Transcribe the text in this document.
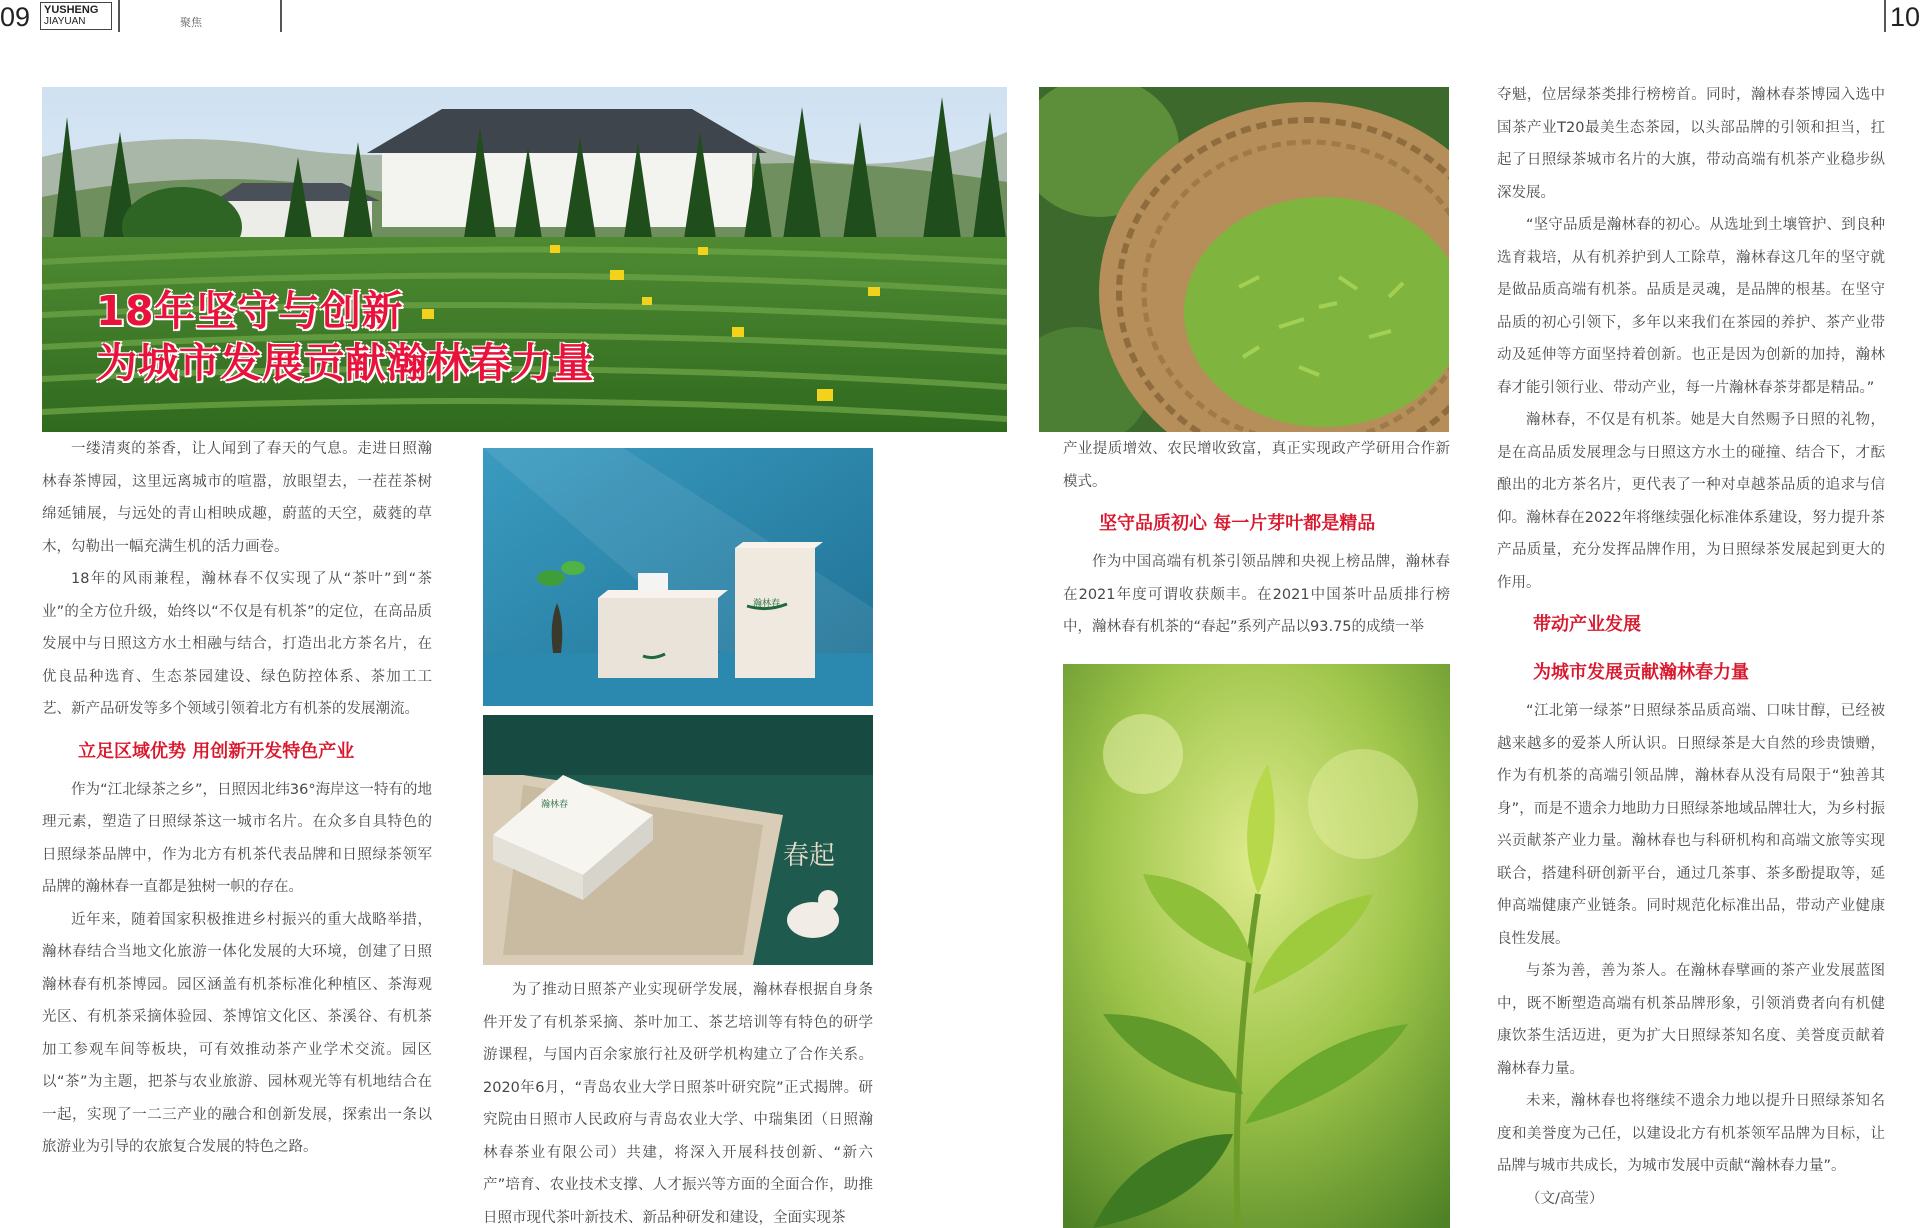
09 YUSHENG
JIAYUAN	聚焦	10
18年坚守与创新
为城市发展贡献瀚林春力量
瀚林春
瀚林春
春起

一缕清爽的茶香，让人闻到了春天的气息。走进日照瀚林春茶博园，这里远离城市的喧嚣，放眼望去，一茬茬茶树绵延铺展，与远处的青山相映成趣，蔚蓝的天空，葳蕤的草木，勾勒出一幅充满生机的活力画卷。

18年的风雨兼程，瀚林春不仅实现了从“茶叶”到“茶业”的全方位升级，始终以“不仅是有机茶”的定位，在高品质发展中与日照这方水土相融与结合，打造出北方茶名片，在优良品种选育、生态茶园建设、绿色防控体系、茶加工工艺、新产品研发等多个领域引领着北方有机茶的发展潮流。

立足区域优势 用创新开发特色产业

作为“江北绿茶之乡”，日照因北纬36°海岸这一特有的地理元素，塑造了日照绿茶这一城市名片。在众多自具特色的日照绿茶品牌中，作为北方有机茶代表品牌和日照绿茶领军品牌的瀚林春一直都是独树一帜的存在。

近年来，随着国家积极推进乡村振兴的重大战略举措，瀚林春结合当地文化旅游一体化发展的大环境，创建了日照瀚林春有机茶博园。园区涵盖有机茶标准化种植区、茶海观光区、有机茶采摘体验园、茶博馆文化区、茶溪谷、有机茶加工参观车间等板块，可有效推动茶产业学术交流。园区以“茶”为主题，把茶与农业旅游、园林观光等有机地结合在一起，实现了一二三产业的融合和创新发展，探索出一条以旅游业为引导的农旅复合发展的特色之路。

为了推动日照茶产业实现研学发展，瀚林春根据自身条件开发了有机茶采摘、茶叶加工、茶艺培训等有特色的研学游课程，与国内百余家旅行社及研学机构建立了合作关系。2020年6月，“青岛农业大学日照茶叶研究院”正式揭牌。研究院由日照市人民政府与青岛农业大学、中瑞集团（日照瀚林春茶业有限公司）共建，将深入开展科技创新、“新六产”培育、农业技术支撑、人才振兴等方面的全面合作，助推日照市现代茶叶新技术、新品种研发和建设，全面实现茶

产业提质增效、农民增收致富，真正实现政产学研用合作新模式。

坚守品质初心 每一片芽叶都是精品

作为中国高端有机茶引领品牌和央视上榜品牌，瀚林春在2021年度可谓收获颇丰。在2021中国茶叶品质排行榜中，瀚林春有机茶的“春起”系列产品以93.75的成绩一举

夺魁，位居绿茶类排行榜榜首。同时，瀚林春茶博园入选中国茶产业T20最美生态茶园，以头部品牌的引领和担当，扛起了日照绿茶城市名片的大旗，带动高端有机茶产业稳步纵深发展。

“坚守品质是瀚林春的初心。从选址到土壤管护、到良种选育栽培，从有机养护到人工除草，瀚林春这几年的坚守就是做品质高端有机茶。品质是灵魂，是品牌的根基。在坚守品质的初心引领下，多年以来我们在茶园的养护、茶产业带动及延伸等方面坚持着创新。也正是因为创新的加持，瀚林春才能引领行业、带动产业，每一片瀚林春茶芽都是精品。”

瀚林春，不仅是有机茶。她是大自然赐予日照的礼物，是在高品质发展理念与日照这方水土的碰撞、结合下，才酝酿出的北方茶名片，更代表了一种对卓越茶品质的追求与信仰。瀚林春在2022年将继续强化标准体系建设，努力提升茶产品质量，充分发挥品牌作用，为日照绿茶发展起到更大的作用。

带动产业发展
为城市发展贡献瀚林春力量

“江北第一绿茶”日照绿茶品质高端、口味甘醇，已经被越来越多的爱茶人所认识。日照绿茶是大自然的珍贵馈赠，作为有机茶的高端引领品牌，瀚林春从没有局限于“独善其身”，而是不遗余力地助力日照绿茶地域品牌壮大，为乡村振兴贡献茶产业力量。瀚林春也与科研机构和高端文旅等实现联合，搭建科研创新平台，通过几茶事、茶多酚提取等，延伸高端健康产业链条。同时规范化标准出品，带动产业健康良性发展。

与茶为善，善为茶人。在瀚林春擘画的茶产业发展蓝图中，既不断塑造高端有机茶品牌形象，引领消费者向有机健康饮茶生活迈进，更为扩大日照绿茶知名度、美誉度贡献着瀚林春力量。

未来，瀚林春也将继续不遗余力地以提升日照绿茶知名度和美誉度为己任，以建设北方有机茶领军品牌为目标，让品牌与城市共成长，为城市发展中贡献“瀚林春力量”。

（文/高莹）
